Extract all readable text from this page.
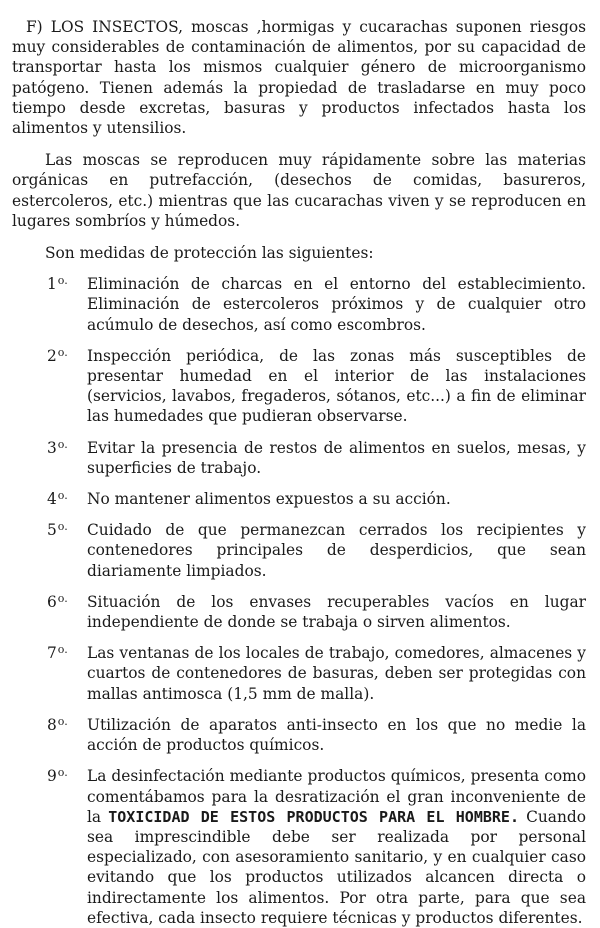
F) LOS INSECTOS, moscas ,hormigas y cucarachas suponen riesgos muy considerables de contaminación de alimentos, por su capacidad de transportar hasta los mismos cualquier género de microorganismo patógeno. Tienen además la propiedad de trasladarse en muy poco tiempo desde excretas, basuras y productos infectados hasta los alimentos y utensilios.

Las moscas se reproducen muy rápidamente sobre las materias orgánicas en putrefacción, (desechos de comidas, basureros, estercoleros, etc.) mientras que las cucarachas viven y se reproducen en lugares sombríos y húmedos.

Son medidas de protección las siguientes:

$1^{o.}$	Eliminación de charcas en el entorno del establecimiento. Eliminación de estercoleros próximos y de cualquier otro acúmulo de desechos, así como escombros.
$2^{o.}$	Inspección periódica, de las zonas más susceptibles de presentar humedad en el interior de las instalaciones (servicios, lavabos, fregaderos, sótanos, etc...) a fin de eliminar las humedades que pudieran observarse.
$3^{o.}$	Evitar la presencia de restos de alimentos en suelos, mesas, y superficies de trabajo.
$4^{o.}$	No mantener alimentos expuestos a su acción.
$5^{o.}$	Cuidado de que permanezcan cerrados los recipientes y contenedores principales de desperdicios, que sean diariamente limpiados.
$6^{o.}$	Situación de los envases recuperables vacíos en lugar independiente de donde se trabaja o sirven alimentos.
$7^{o.}$	Las ventanas de los locales de trabajo, comedores, almacenes y cuartos de contenedores de basuras, deben ser protegidas con mallas antimosca (1,5 mm de malla).
$8^{o.}$	Utilización de aparatos anti-insecto en los que no medie la acción de productos químicos.
$9^{o.}$	La desinfectación mediante productos químicos, presenta como comentábamos para la desratización el gran inconveniente de la TOXICIDAD DE ESTOS PRODUCTOS PARA EL HOMBRE. Cuando sea imprescindible debe ser realizada por personal especializado, con asesoramiento sanitario, y en cualquier caso evitando que los productos utilizados alcancen directa o indirectamente los alimentos. Por otra parte, para que sea efectiva, cada insecto requiere técnicas y productos diferentes.
